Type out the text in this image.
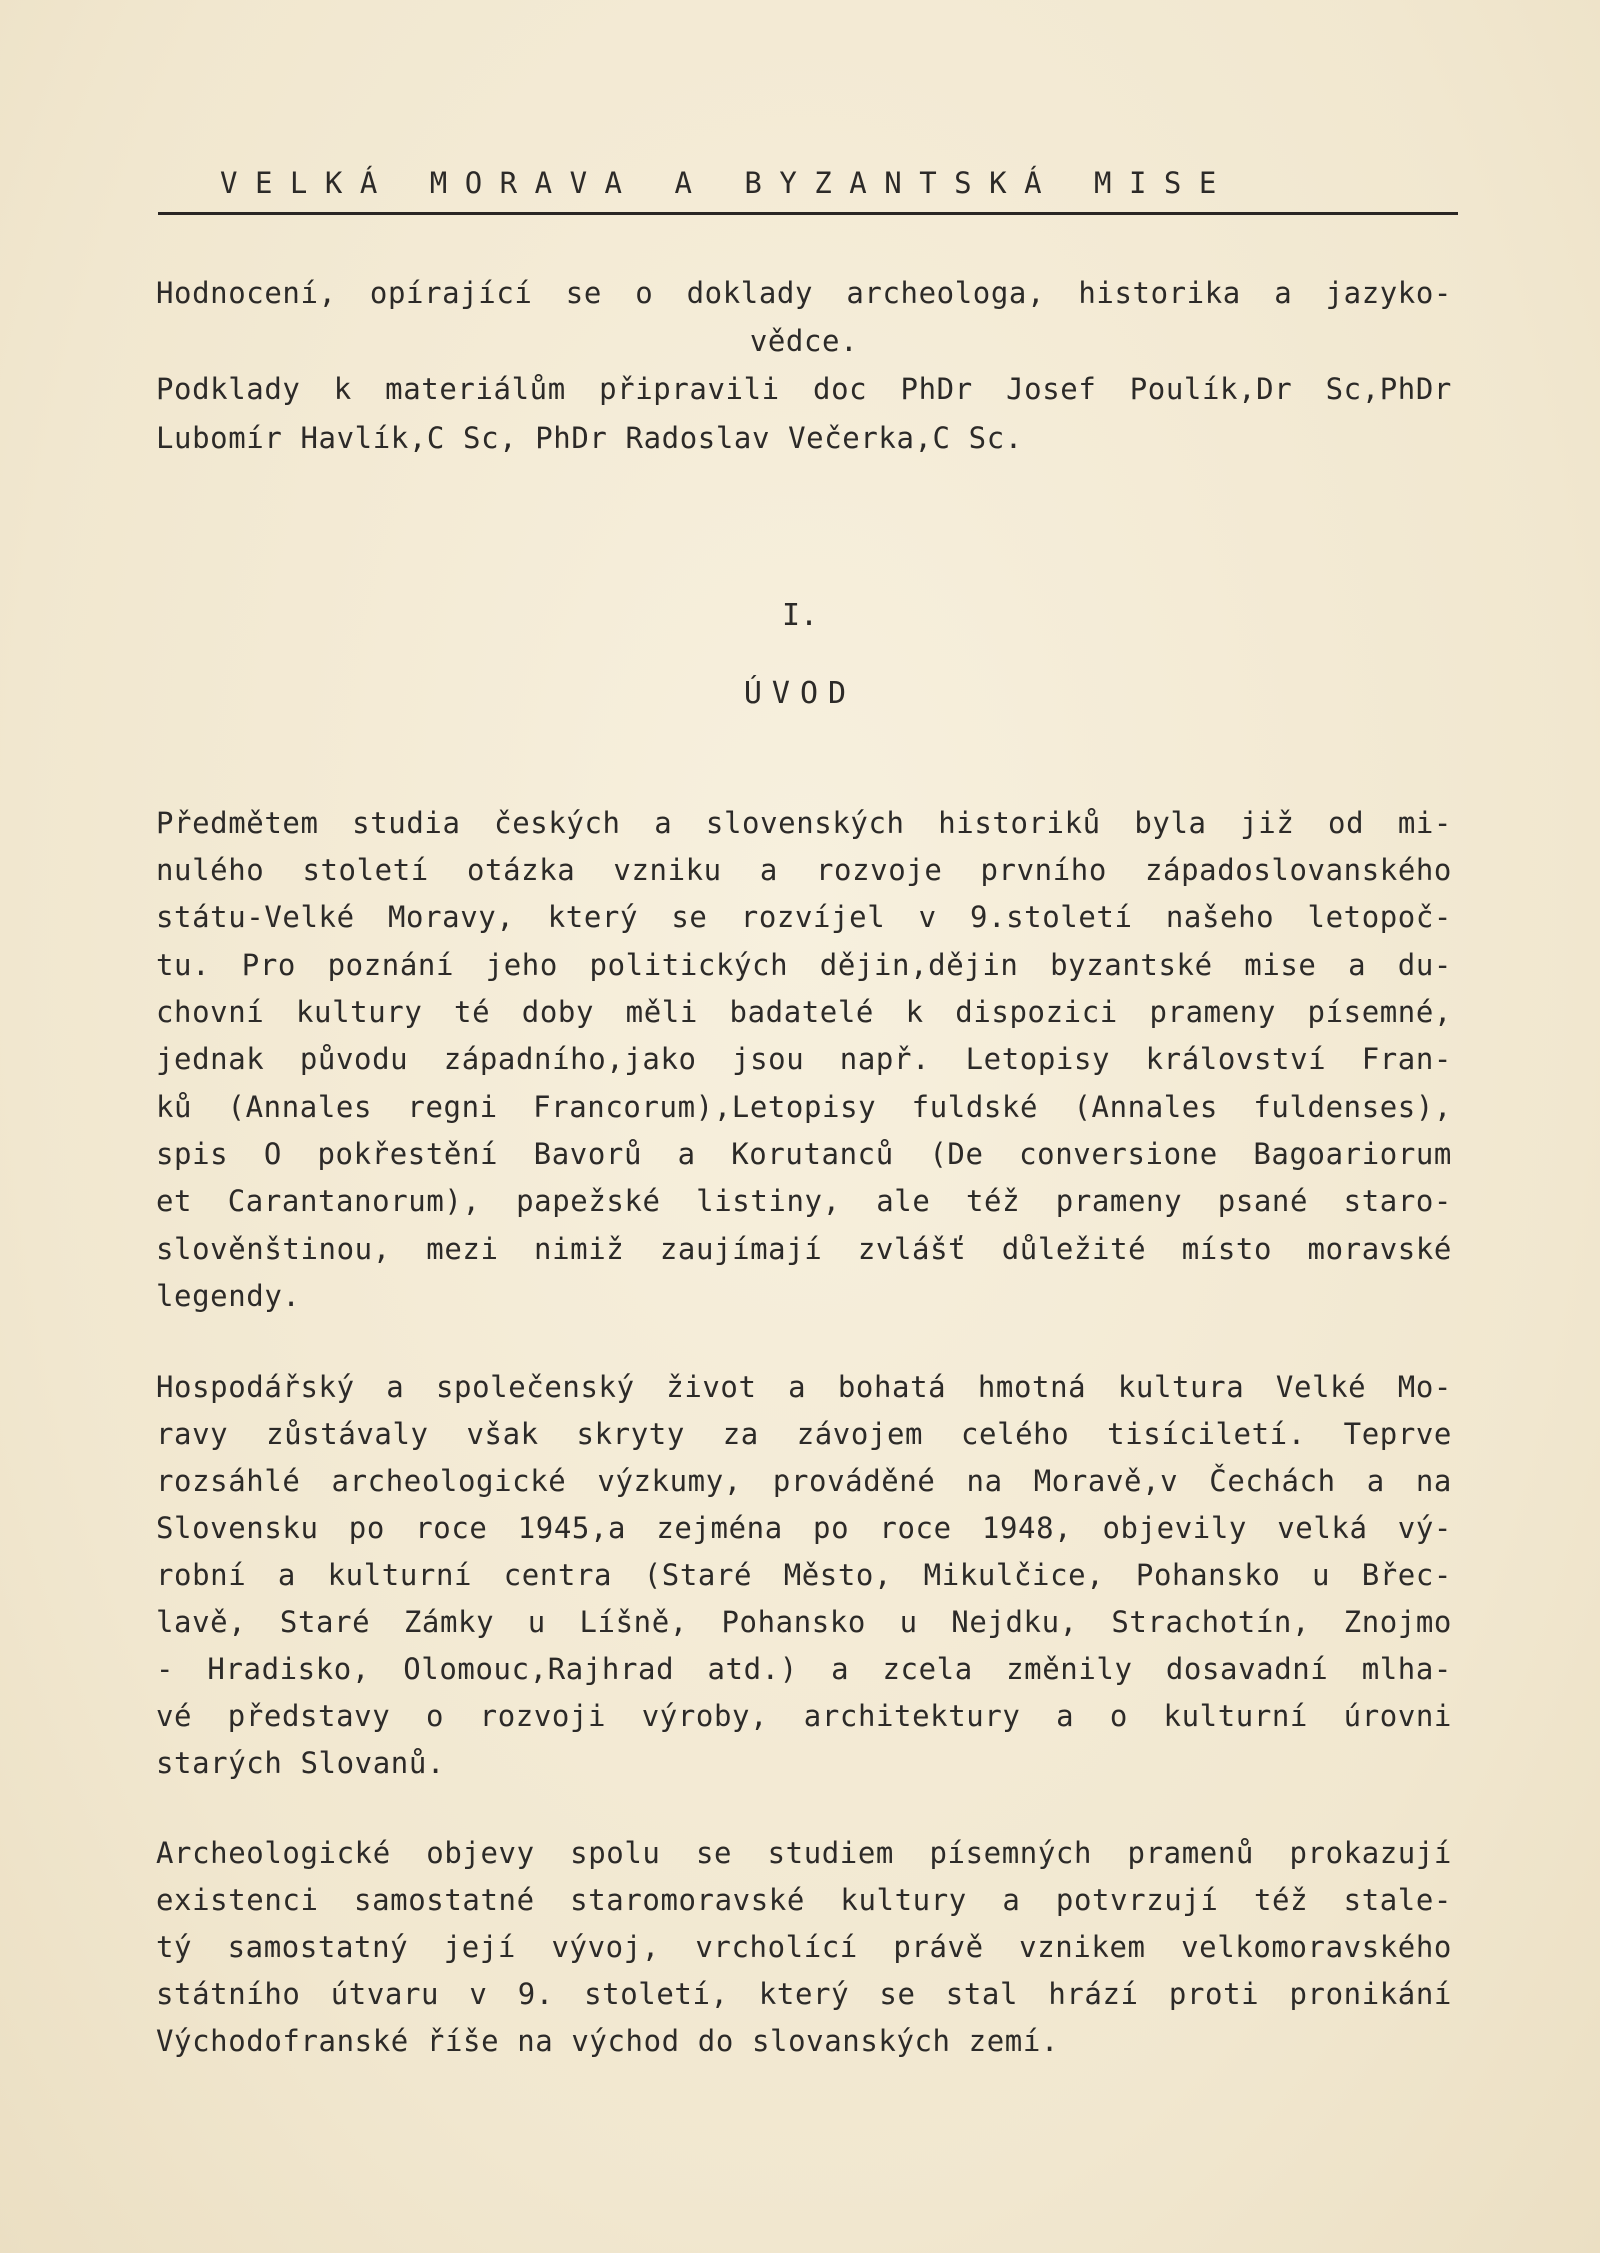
VELKÁ MORAVA A BYZANTSKÁ MISE
Hodnocení, opírající se o doklady archeologa, historika a jazyko-
vědce.
Podklady k materiálům připravili doc PhDr Josef Poulík,Dr Sc,PhDr
Lubomír Havlík,C Sc, PhDr Radoslav Večerka,C Sc.
I.
ÚVOD
Předmětem studia českých a slovenských historiků byla již od mi-
nulého století otázka vzniku a rozvoje prvního západoslovanského
státu-Velké Moravy, který se rozvíjel v 9.století našeho letopoč-
tu. Pro poznání jeho politických dějin,dějin byzantské mise a du-
chovní kultury té doby měli badatelé k dispozici prameny písemné,
jednak původu západního,jako jsou např. Letopisy království Fran-
ků (Annales regni Francorum),Letopisy fuldské (Annales fuldenses),
spis O pokřestění Bavorů a Korutanců (De conversione Bagoariorum
et Carantanorum), papežské listiny, ale též prameny psané staro-
slověnštinou, mezi nimiž zaujímají zvlášť důležité místo moravské
legendy.
Hospodářský a společenský život a bohatá hmotná kultura Velké Mo-
ravy zůstávaly však skryty za závojem celého tisíciletí. Teprve
rozsáhlé archeologické výzkumy, prováděné na Moravě,v Čechách a na
Slovensku po roce 1945,a zejména po roce 1948, objevily velká vý-
robní a kulturní centra (Staré Město, Mikulčice, Pohansko u Břec-
lavě, Staré Zámky u Líšně, Pohansko u Nejdku, Strachotín, Znojmo
- Hradisko, Olomouc,Rajhrad atd.) a zcela změnily dosavadní mlha-
vé představy o rozvoji výroby, architektury a o kulturní úrovni
starých Slovanů.
Archeologické objevy spolu se studiem písemných pramenů prokazují
existenci samostatné staromoravské kultury a potvrzují též stale-
tý samostatný její vývoj, vrcholící právě vznikem velkomoravského
státního útvaru v 9. století, který se stal hrází proti pronikání
Východofranské říše na východ do slovanských zemí.
